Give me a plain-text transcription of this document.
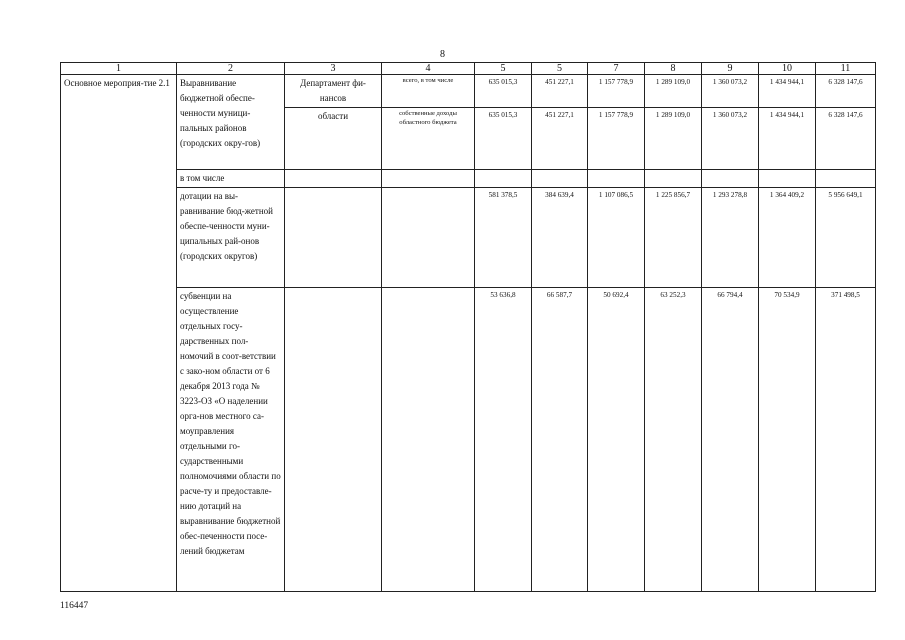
8
1	2	3	4	5	5	7	8	9	10	11
Основное мероприя-тие 2.1	Выравнивание бюджетной обеспе-ченности муници-пальных районов (городских окру-гов)	Департамент фи-нансов	всего, в том числе	635 015,3	451 227,1	1 157 778,9	1 289 109,0	1 360 073,2	1 434 944,1	6 328 147,6
		области	собственные доходы областного бюджета	635 015,3	451 227,1	1 157 778,9	1 289 109,0	1 360 073,2	1 434 944,1	6 328 147,6
	в том числе									
	дотации на вы-равнивание бюд-жетной обеспе-ченности муни-ципальных рай-онов (городских округов)			581 378,5	384 639,4	1 107 086,5	1 225 856,7	1 293 278,8	1 364 409,2	5 956 649,1
	субвенции на осуществление отдельных госу-дарственных пол-номочий в соот-ветствии с зако-ном области от 6 декабря 2013 года № 3223-ОЗ «О наделении орга-нов местного са-моуправления отдельными го-сударственными полномочиями области по расче-ту и предоставле-нию дотаций на выравнивание бюджетной обес-печенности посе-лений бюджетам			53 636,8	66 587,7	50 692,4	63 252,3	66 794,4	70 534,9	371 498,5
116447
